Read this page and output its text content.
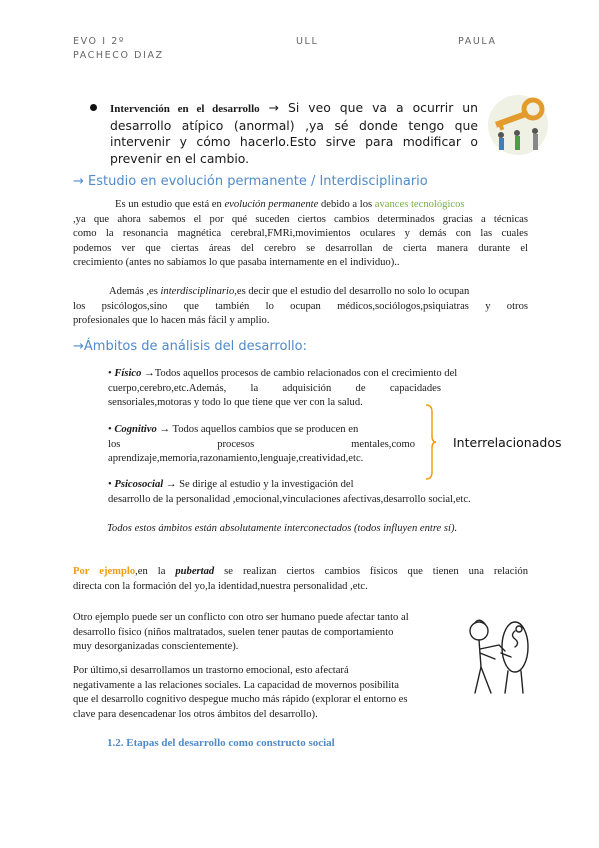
EVO I 2º	ULL	PAULA
PACHECO DIAZ
Intervención en el desarrollo → Si veo que va a ocurrir un
desarrollo atípico (anormal) ,ya sé donde tengo que
intervenir y cómo hacerlo.Esto sirve para modificar o
prevenir en el cambio.
→ Estudio en evolución permanente / Interdisciplinario
Es un estudio que está en evolución permanente debido a los avances tecnológicos
,ya que ahora sabemos el por qué suceden ciertos cambios determinados gracias a técnicas
como la resonancia magnética cerebral,FMRi,movimientos oculares y demás con las cuales
podemos ver que ciertas áreas del cerebro se desarrollan de cierta manera durante el
crecimiento (antes no sabíamos lo que pasaba internamente en el individuo)..
Además ,es interdisciplinario,es decir que el estudio del desarrollo no solo lo ocupan
los psicólogos,sino que también lo ocupan médicos,sociólogos,psiquiatras y otros
profesionales que lo hacen más fácil y amplio.
→Ámbitos de análisis del desarrollo:
• Físico →Todos aquellos procesos de cambio relacionados con el crecimiento del
cuerpo,cerebro,etc.Además, la adquisición de capacidades
sensoriales,motoras y todo lo que tiene que ver con la salud.
• Cognitivo → Todos aquellos cambios que se producen en
los procesos mentales,como
aprendizaje,memoria,razonamiento,lenguaje,creatividad,etc.
Interrelacionados
• Psicosocial → Se dirige al estudio y la investigación del
desarrollo de la personalidad ,emocional,vinculaciones afectivas,desarrollo social,etc.
Todos estos ámbitos están absolutamente interconectados (todos influyen entre sí).
Por ejemplo,en la pubertad se realizan ciertos cambios físicos que tienen una relación
directa con la formación del yo,la identidad,nuestra personalidad ,etc.
Otro ejemplo puede ser un conflicto con otro ser humano puede afectar tanto al
desarrollo físico (niños maltratados, suelen tener pautas de comportamiento
muy desorganizadas conscientemente).
Por último,si desarrollamos un trastorno emocional, esto afectará
negativamente a las relaciones sociales. La capacidad de movernos posibilita
que el desarrollo cognitivo despegue mucho más rápido (explorar el entorno es
clave para desencadenar los otros ámbitos del desarrollo).
1.2. Etapas del desarrollo como constructo social
